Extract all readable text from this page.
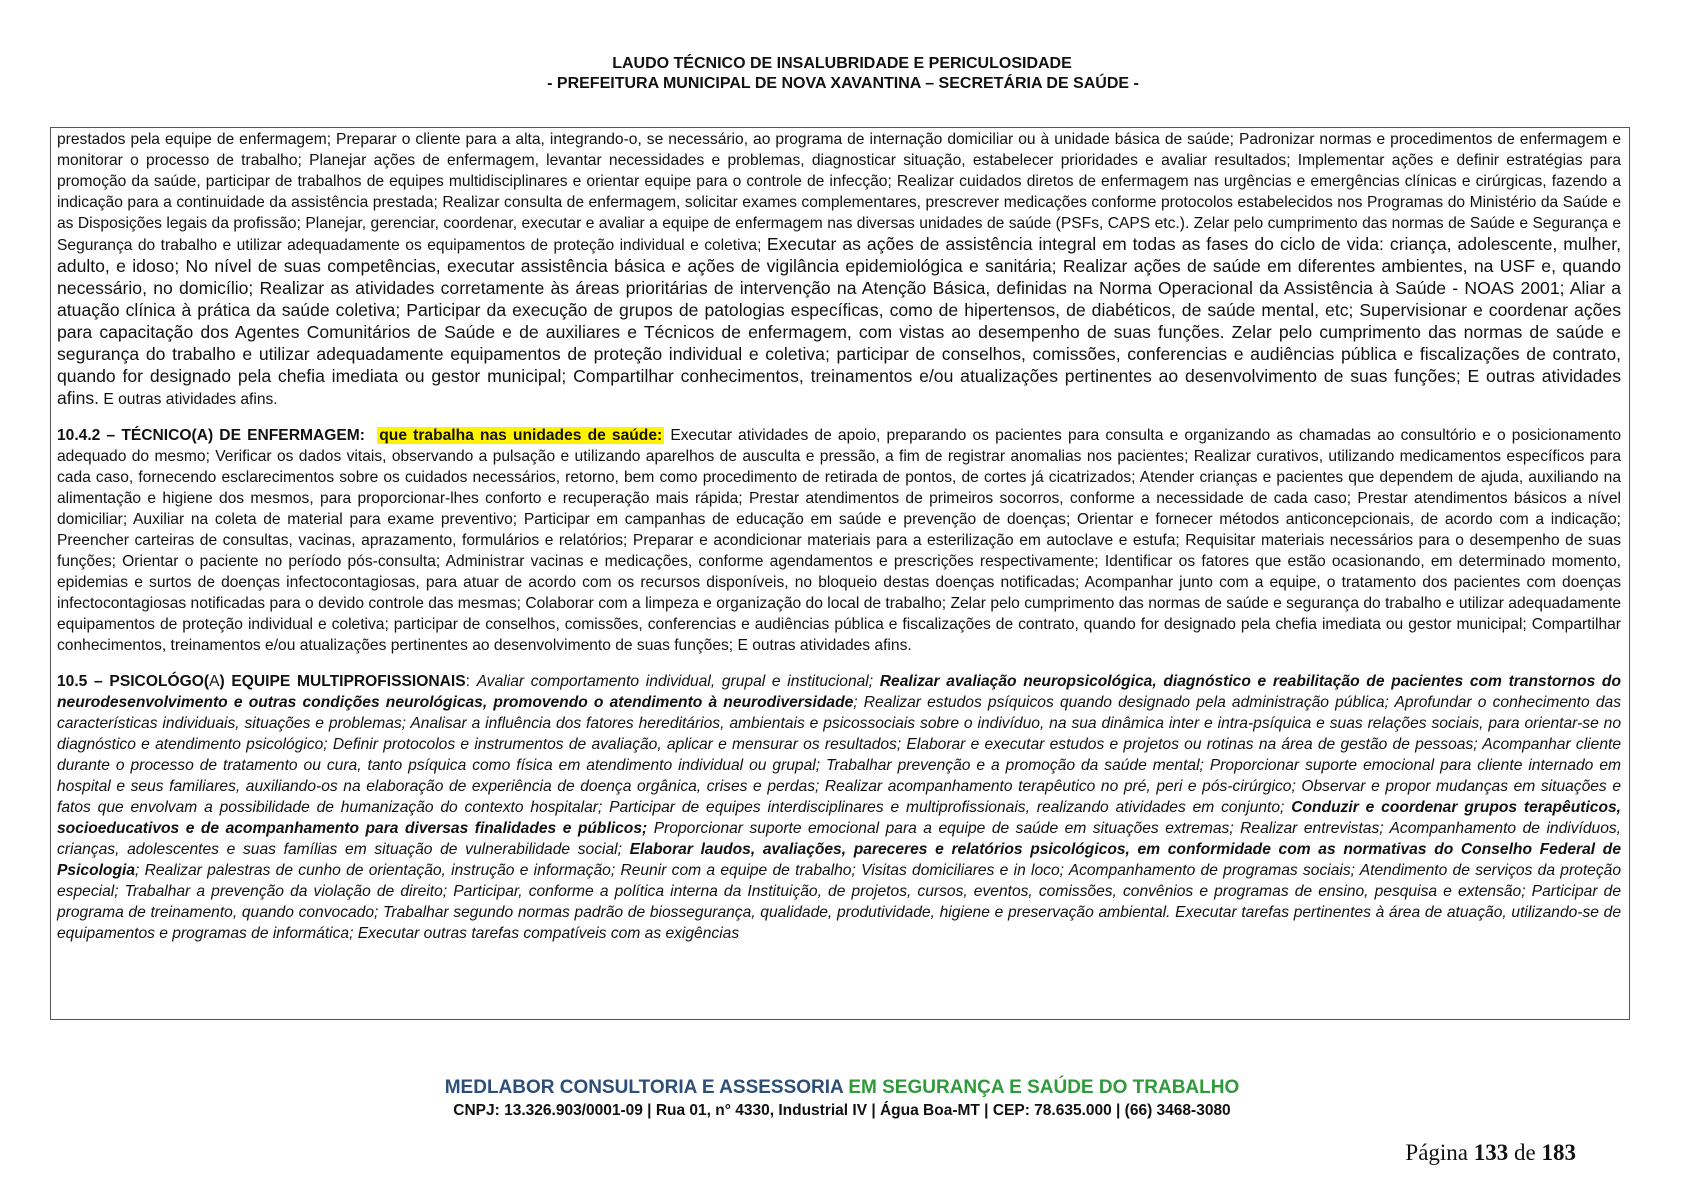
LAUDO TÉCNICO DE INSALUBRIDADE E PERICULOSIDADE
- PREFEITURA MUNICIPAL DE NOVA XAVANTINA – SECRETÁRIA DE SAÚDE -

prestados pela equipe de enfermagem; Preparar o cliente para a alta, integrando-o, se necessário, ao programa de internação domiciliar ou à unidade básica de saúde; Padronizar normas e procedimentos de enfermagem e monitorar o processo de trabalho; Planejar ações de enfermagem, levantar necessidades e problemas, diagnosticar situação, estabelecer prioridades e avaliar resultados; Implementar ações e definir estratégias para promoção da saúde, participar de trabalhos de equipes multidisciplinares e orientar equipe para o controle de infecção; Realizar cuidados diretos de enfermagem nas urgências e emergências clínicas e cirúrgicas, fazendo a indicação para a continuidade da assistência prestada; Realizar consulta de enfermagem, solicitar exames complementares, prescrever medicações conforme protocolos estabelecidos nos Programas do Ministério da Saúde e as Disposições legais da profissão; Planejar, gerenciar, coordenar, executar e avaliar a equipe de enfermagem nas diversas unidades de saúde (PSFs, CAPS etc.). Zelar pelo cumprimento das normas de Saúde e Segurança e Segurança do trabalho e utilizar adequadamente os equipamentos de proteção individual e coletiva; Executar as ações de assistência integral em todas as fases do ciclo de vida: criança, adolescente, mulher, adulto, e idoso; No nível de suas competências, executar assistência básica e ações de vigilância epidemiológica e sanitária; Realizar ações de saúde em diferentes ambientes, na USF e, quando necessário, no domicílio; Realizar as atividades corretamente às áreas prioritárias de intervenção na Atenção Básica, definidas na Norma Operacional da Assistência à Saúde - NOAS 2001; Aliar a atuação clínica à prática da saúde coletiva; Participar da execução de grupos de patologias específicas, como de hipertensos, de diabéticos, de saúde mental, etc; Supervisionar e coordenar ações para capacitação dos Agentes Comunitários de Saúde e de auxiliares e Técnicos de enfermagem, com vistas ao desempenho de suas funções. Zelar pelo cumprimento das normas de saúde e segurança do trabalho e utilizar adequadamente equipamentos de proteção individual e coletiva; participar de conselhos, comissões, conferencias e audiências pública e fiscalizações de contrato, quando for designado pela chefia imediata ou gestor municipal; Compartilhar conhecimentos, treinamentos e/ou atualizações pertinentes ao desenvolvimento de suas funções; E outras atividades afins. E outras atividades afins.

10.4.2 – TÉCNICO(A) DE ENFERMAGEM: que trabalha nas unidades de saúde: Executar atividades de apoio, preparando os pacientes para consulta e organizando as chamadas ao consultório e o posicionamento adequado do mesmo; Verificar os dados vitais, observando a pulsação e utilizando aparelhos de ausculta e pressão, a fim de registrar anomalias nos pacientes; Realizar curativos, utilizando medicamentos específicos para cada caso, fornecendo esclarecimentos sobre os cuidados necessários, retorno, bem como procedimento de retirada de pontos, de cortes já cicatrizados; Atender crianças e pacientes que dependem de ajuda, auxiliando na alimentação e higiene dos mesmos, para proporcionar-lhes conforto e recuperação mais rápida; Prestar atendimentos de primeiros socorros, conforme a necessidade de cada caso; Prestar atendimentos básicos a nível domiciliar; Auxiliar na coleta de material para exame preventivo; Participar em campanhas de educação em saúde e prevenção de doenças; Orientar e fornecer métodos anticoncepcionais, de acordo com a indicação; Preencher carteiras de consultas, vacinas, aprazamento, formulários e relatórios; Preparar e acondicionar materiais para a esterilização em autoclave e estufa; Requisitar materiais necessários para o desempenho de suas funções; Orientar o paciente no período pós-consulta; Administrar vacinas e medicações, conforme agendamentos e prescrições respectivamente; Identificar os fatores que estão ocasionando, em determinado momento, epidemias e surtos de doenças infectocontagiosas, para atuar de acordo com os recursos disponíveis, no bloqueio destas doenças notificadas; Acompanhar junto com a equipe, o tratamento dos pacientes com doenças infectocontagiosas notificadas para o devido controle das mesmas; Colaborar com a limpeza e organização do local de trabalho; Zelar pelo cumprimento das normas de saúde e segurança do trabalho e utilizar adequadamente equipamentos de proteção individual e coletiva; participar de conselhos, comissões, conferencias e audiências pública e fiscalizações de contrato, quando for designado pela chefia imediata ou gestor municipal; Compartilhar conhecimentos, treinamentos e/ou atualizações pertinentes ao desenvolvimento de suas funções; E outras atividades afins.

10.5 – PSICOLÓGO(A) EQUIPE MULTIPROFISSIONAIS: Avaliar comportamento individual, grupal e institucional; Realizar avaliação neuropsicológica, diagnóstico e reabilitação de pacientes com transtornos do neurodesenvolvimento e outras condições neurológicas, promovendo o atendimento à neurodiversidade; Realizar estudos psíquicos quando designado pela administração pública; Aprofundar o conhecimento das características individuais, situações e problemas; Analisar a influência dos fatores hereditários, ambientais e psicossociais sobre o indivíduo, na sua dinâmica inter e intra-psíquica e suas relações sociais, para orientar-se no diagnóstico e atendimento psicológico; Definir protocolos e instrumentos de avaliação, aplicar e mensurar os resultados; Elaborar e executar estudos e projetos ou rotinas na área de gestão de pessoas; Acompanhar cliente durante o processo de tratamento ou cura, tanto psíquica como física em atendimento individual ou grupal; Trabalhar prevenção e a promoção da saúde mental; Proporcionar suporte emocional para cliente internado em hospital e seus familiares, auxiliando-os na elaboração de experiência de doença orgânica, crises e perdas; Realizar acompanhamento terapêutico no pré, peri e pós-cirúrgico; Observar e propor mudanças em situações e fatos que envolvam a possibilidade de humanização do contexto hospitalar; Participar de equipes interdisciplinares e multiprofissionais, realizando atividades em conjunto; Conduzir e coordenar grupos terapêuticos, socioeducativos e de acompanhamento para diversas finalidades e públicos; Proporcionar suporte emocional para a equipe de saúde em situações extremas; Realizar entrevistas; Acompanhamento de indivíduos, crianças, adolescentes e suas famílias em situação de vulnerabilidade social; Elaborar laudos, avaliações, pareceres e relatórios psicológicos, em conformidade com as normativas do Conselho Federal de Psicologia; Realizar palestras de cunho de orientação, instrução e informação; Reunir com a equipe de trabalho; Visitas domiciliares e in loco; Acompanhamento de programas sociais; Atendimento de serviços da proteção especial; Trabalhar a prevenção da violação de direito; Participar, conforme a política interna da Instituição, de projetos, cursos, eventos, comissões, convênios e programas de ensino, pesquisa e extensão; Participar de programa de treinamento, quando convocado; Trabalhar segundo normas padrão de biossegurança, qualidade, produtividade, higiene e preservação ambiental. Executar tarefas pertinentes à área de atuação, utilizando-se de equipamentos e programas de informática; Executar outras tarefas compatíveis com as exigências

MEDLABOR CONSULTORIA E ASSESSORIA EM SEGURANÇA E SAÚDE DO TRABALHO
CNPJ: 13.326.903/0001-09 | Rua 01, n° 4330, Industrial IV | Água Boa-MT | CEP: 78.635.000 | (66) 3468-3080
Página 133 de 183
